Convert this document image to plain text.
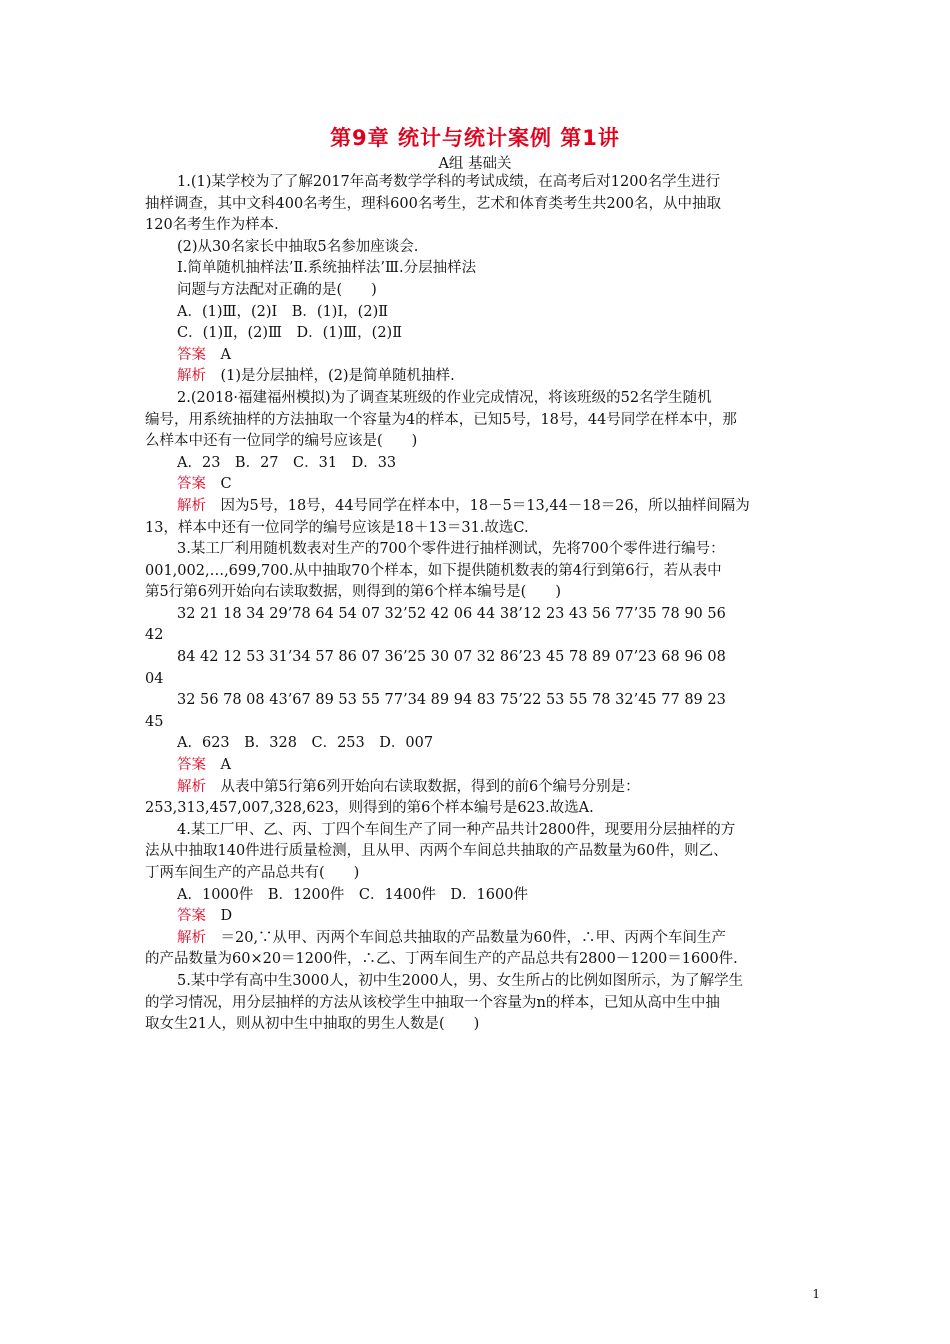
第9章 统计与统计案例 第1讲
A组 基础关

1.(1)某学校为了了解2017年高考数学学科的考试成绩，在高考后对1200名学生进行

抽样调查，其中文科400名考生，理科600名考生，艺术和体育类考生共200名，从中抽取

120名考生作为样本.

(2)从30名家长中抽取5名参加座谈会.

Ⅰ.简单随机抽样法’Ⅱ.系统抽样法’Ⅲ.分层抽样法

问题与方法配对正确的是(　　)

A．(1)Ⅲ，(2)Ⅰ　B．(1)Ⅰ，(2)Ⅱ

C．(1)Ⅱ，(2)Ⅲ　D．(1)Ⅲ，(2)Ⅱ

答案　A

解析　(1)是分层抽样，(2)是简单随机抽样.

2.(2018·福建福州模拟)为了调查某班级的作业完成情况，将该班级的52名学生随机

编号，用系统抽样的方法抽取一个容量为4的样本，已知5号，18号，44号同学在样本中，那

么样本中还有一位同学的编号应该是(　　)

A．23　B．27　C．31　D．33

答案　C

解析　因为5号，18号，44号同学在样本中，18－5＝13,44－18＝26，所以抽样间隔为

13，样本中还有一位同学的编号应该是18＋13＝31.故选C.

3.某工厂利用随机数表对生产的700个零件进行抽样测试，先将700个零件进行编号：

001,002,…,699,700.从中抽取70个样本，如下提供随机数表的第4行到第6行，若从表中

第5行第6列开始向右读取数据，则得到的第6个样本编号是(　　)

32 21 18 34 29’78 64 54 07 32’52 42 06 44 38’12 23 43 56 77’35 78 90 56

42

84 42 12 53 31’34 57 86 07 36’25 30 07 32 86’23 45 78 89 07’23 68 96 08

04

32 56 78 08 43’67 89 53 55 77’34 89 94 83 75’22 53 55 78 32’45 77 89 23

45

A．623　B．328　C．253　D．007

答案　A

解析　从表中第5行第6列开始向右读取数据，得到的前6个编号分别是：

253,313,457,007,328,623，则得到的第6个样本编号是623.故选A.

4.某工厂甲、乙、丙、丁四个车间生产了同一种产品共计2800件，现要用分层抽样的方

法从中抽取140件进行质量检测，且从甲、丙两个车间总共抽取的产品数量为60件，则乙、

丁两车间生产的产品总共有(　　)

A．1000件　B．1200件　C．1400件　D．1600件

答案　D

解析　＝20,∵从甲、丙两个车间总共抽取的产品数量为60件，∴甲、丙两个车间生产

的产品数量为60×20＝1200件，∴乙、丁两车间生产的产品总共有2800－1200＝1600件.

5.某中学有高中生3000人，初中生2000人，男、女生所占的比例如图所示，为了解学生

的学习情况，用分层抽样的方法从该校学生中抽取一个容量为n的样本，已知从高中生中抽

取女生21人，则从初中生中抽取的男生人数是(　　)

1
